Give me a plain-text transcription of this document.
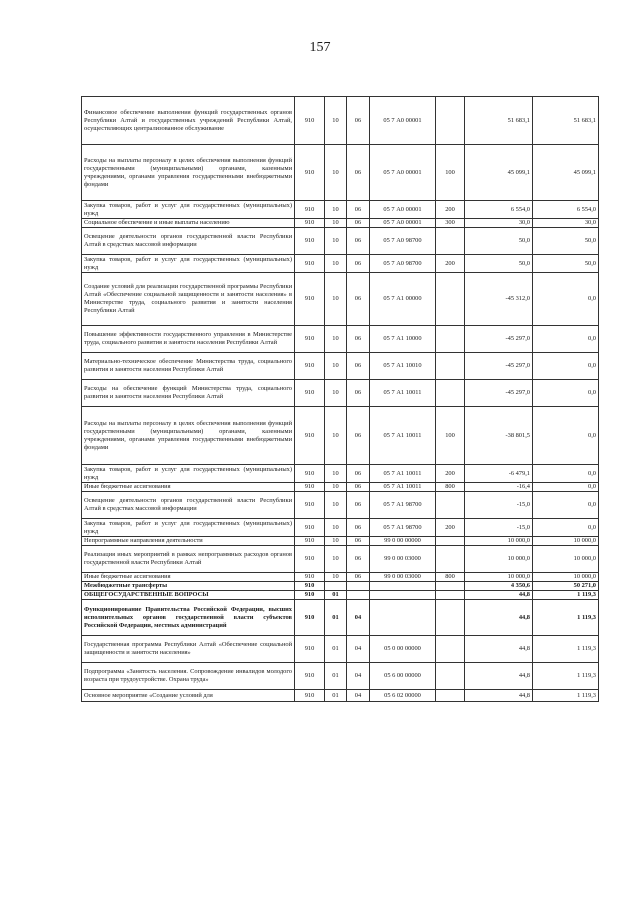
157
Финансовое обеспечение выполнения функций государственных органов Республики Алтай и государственных учреждений Республики Алтай, осуществляющих централизованное обслуживание	910	10	06	05 7 А0 00001		51 683,1	51 683,1
Расходы на выплаты персоналу в целях обеспечения выполнения функций государственными (муниципальными) органами, казенными учреждениями, органами управления государственными внебюджетными фондами	910	10	06	05 7 А0 00001	100	45 099,1	45 099,1
Закупка товаров, работ и услуг для государственных (муниципальных) нужд	910	10	06	05 7 А0 00001	200	6 554,0	6 554,0
Социальное обеспечение и иные выплаты населению	910	10	06	05 7 А0 00001	300	30,0	30,0
Освещение деятельности органов государственной власти Республики Алтай в средствах массовой информации	910	10	06	05 7 А0 98700		50,0	50,0
Закупка товаров, работ и услуг для государственных (муниципальных) нужд	910	10	06	05 7 А0 98700	200	50,0	50,0
Создание условий для реализации государственной программы Республики Алтай «Обеспечение социальной защищенности и занятости населения» в Министерстве труда, социального развития и занятости населения Республики Алтай	910	10	06	05 7 А1 00000		-45 312,0	0,0
Повышение эффективности государственного управления в Министерстве труда, социального развития и занятости населения Республики Алтай	910	10	06	05 7 А1 10000		-45 297,0	0,0
Материально-техническое обеспечение Министерства труда, социального развития и занятости населения Республики Алтай	910	10	06	05 7 А1 10010		-45 297,0	0,0
Расходы на обеспечение функций Министерства труда, социального развития и занятости населения Республики Алтай	910	10	06	05 7 А1 10011		-45 297,0	0,0
Расходы на выплаты персоналу в целях обеспечения выполнения функций государственными (муниципальными) органами, казенными учреждениями, органами управления государственными внебюджетными фондами	910	10	06	05 7 А1 10011	100	-38 801,5	0,0
Закупка товаров, работ и услуг для государственных (муниципальных) нужд	910	10	06	05 7 А1 10011	200	-6 479,1	0,0
Иные бюджетные ассигнования	910	10	06	05 7 А1 10011	800	-16,4	0,0
Освещение деятельности органов государственной власти Республики Алтай в средствах массовой информации	910	10	06	05 7 А1 98700		-15,0	0,0
Закупка товаров, работ и услуг для государственных (муниципальных) нужд	910	10	06	05 7 А1 98700	200	-15,0	0,0
Непрограммные направления деятельности	910	10	06	99 0 00 00000		10 000,0	10 000,0
Реализация иных мероприятий в рамках непрограммных расходов органов государственной власти Республики Алтай	910	10	06	99 0 00 03000		10 000,0	10 000,0
Иные бюджетные ассигнования	910	10	06	99 0 00 03000	800	10 000,0	10 000,0
Межбюджетные трансферты	910					4 350,6	50 271,0
ОБЩЕГОСУДАРСТВЕННЫЕ ВОПРОСЫ	910	01				44,8	1 119,3
Функционирование Правительства Российской Федерации, высших исполнительных органов государственной власти субъектов Российской Федерации, местных администраций	910	01	04			44,8	1 119,3
Государственная программа Республики Алтай «Обеспечение социальной защищенности и занятости населения»	910	01	04	05 0 00 00000		44,8	1 119,3
Подпрограмма «Занятость населения. Сопровождение инвалидов молодого возраста при трудоустройстве. Охрана труда»	910	01	04	05 6 00 00000		44,8	1 119,3
Основное мероприятие «Создание условий для	910	01	04	05 6 02 00000		44,8	1 119,3
